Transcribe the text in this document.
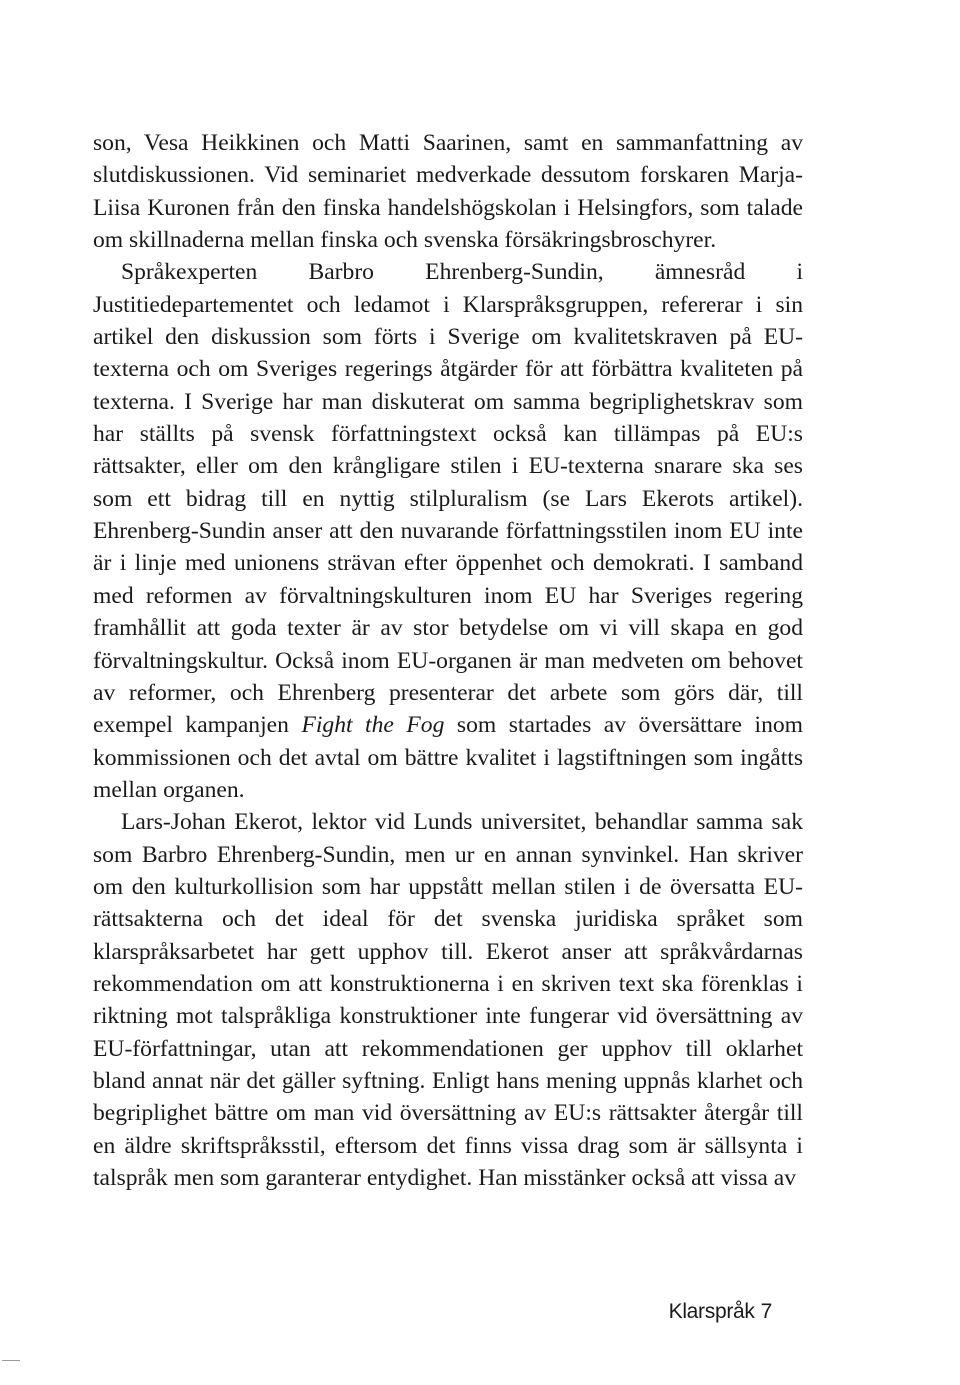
son, Vesa Heikkinen och Matti Saarinen, samt en sammanfattning av slutdiskussionen. Vid seminariet medverkade dessutom forskaren Marja-Liisa Kuronen från den finska handelshögskolan i Helsingfors, som talade om skillnaderna mellan finska och svenska försäkringsbroschyrer.

Språkexperten Barbro Ehrenberg-Sundin, ämnesråd i Justitiedepartementet och ledamot i Klarspråksgruppen, refererar i sin artikel den diskussion som förts i Sverige om kvalitetskraven på EU-texterna och om Sveriges regerings åtgärder för att förbättra kvaliteten på texterna. I Sverige har man diskuterat om samma begriplighetskrav som har ställts på svensk författningstext också kan tillämpas på EU:s rättsakter, eller om den krångligare stilen i EU-texterna snarare ska ses som ett bidrag till en nyttig stilpluralism (se Lars Ekerots artikel). Ehrenberg-Sundin anser att den nuvarande författningsstilen inom EU inte är i linje med unionens strävan efter öppenhet och demokrati. I samband med reformen av förvaltningskulturen inom EU har Sveriges regering framhållit att goda texter är av stor betydelse om vi vill skapa en god förvaltningskultur. Också inom EU-organen är man medveten om behovet av reformer, och Ehrenberg presenterar det arbete som görs där, till exempel kampanjen Fight the Fog som startades av översättare inom kommissionen och det avtal om bättre kvalitet i lagstiftningen som ingåtts mellan organen.

Lars-Johan Ekerot, lektor vid Lunds universitet, behandlar samma sak som Barbro Ehrenberg-Sundin, men ur en annan synvinkel. Han skriver om den kulturkollision som har uppstått mellan stilen i de översatta EU-rättsakterna och det ideal för det svenska juridiska språket som klarspråksarbetet har gett upphov till. Ekerot anser att språkvårdarnas rekommendation om att konstruktionerna i en skriven text ska förenklas i riktning mot talspråkliga konstruktioner inte fungerar vid översättning av EU-författningar, utan att rekommendationen ger upphov till oklarhet bland annat när det gäller syftning. Enligt hans mening uppnås klarhet och begriplighet bättre om man vid översättning av EU:s rättsakter återgår till en äldre skriftspråksstil, eftersom det finns vissa drag som är sällsynta i talspråk men som garanterar entydighet. Han misstänker också att vissa av

Klarspråk 7
